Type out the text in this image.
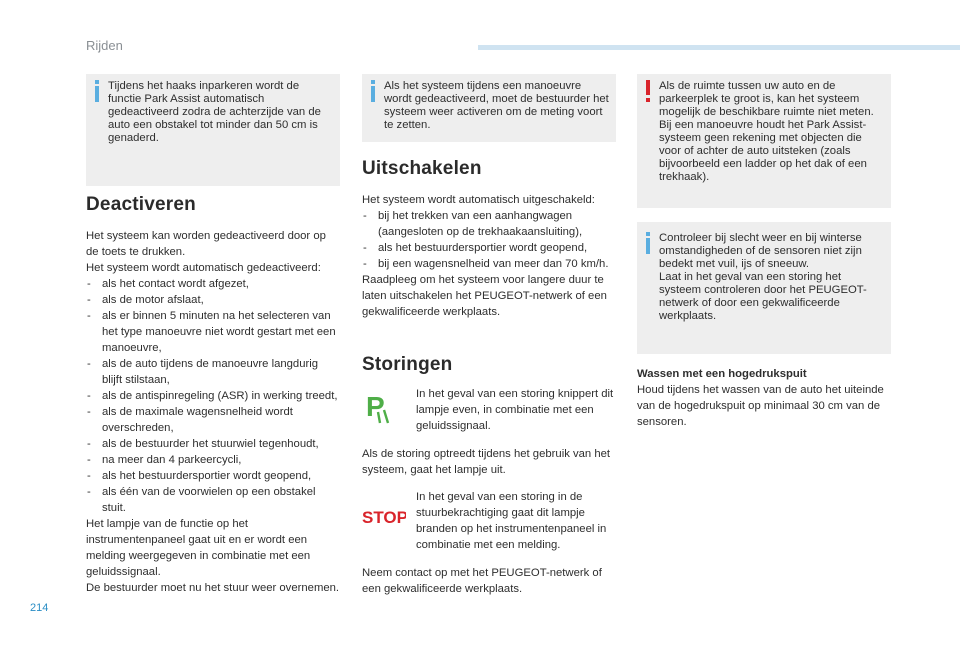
Rijden

Tijdens het haaks inparkeren wordt de functie Park Assist automatisch gedeactiveerd zodra de achterzijde van de auto een obstakel tot minder dan 50 cm is genaderd.

Deactiveren

Het systeem kan worden gedeactiveerd door op de toets te drukken.

Het systeem wordt automatisch gedeactiveerd:

- als het contact wordt afgezet,
- als de motor afslaat,
- als er binnen 5 minuten na het selecteren van het type manoeuvre niet wordt gestart met een manoeuvre,
- als de auto tijdens de manoeuvre langdurig blijft stilstaan,
- als de antispinregeling (ASR) in werking treedt,
- als de maximale wagensnelheid wordt overschreden,
- als de bestuurder het stuurwiel tegenhoudt,
- na meer dan 4 parkeercycli,
- als het bestuurdersportier wordt geopend,
- als één van de voorwielen op een obstakel stuit.

Het lampje van de functie op het instrumentenpaneel gaat uit en er wordt een melding weergegeven in combinatie met een geluidssignaal.

De bestuurder moet nu het stuur weer overnemen.

Als het systeem tijdens een manoeuvre wordt gedeactiveerd, moet de bestuurder het systeem weer activeren om de meting voort te zetten.

Uitschakelen

Het systeem wordt automatisch uitgeschakeld:

- bij het trekken van een aanhangwagen (aangesloten op de trekhaakaansluiting),
- als het bestuurdersportier wordt geopend,
- bij een wagensnelheid van meer dan 70 km/h.

Raadpleeg om het systeem voor langere duur te laten uitschakelen het PEUGEOT-netwerk of een gekwalificeerde werkplaats.

Storingen
P	In het geval van een storing knippert dit lampje even, in combinatie met een geluidssignaal.
Als de storing optreedt tijdens het gebruik van het systeem, gaat het lampje uit.
STOP
In het geval van een storing in de stuurbekrachtiging gaat dit lampje branden op het instrumentenpaneel in combinatie met een melding.
Neem contact op met het PEUGEOT-netwerk of een gekwalificeerde werkplaats.

Als de ruimte tussen uw auto en de parkeerplek te groot is, kan het systeem mogelijk de beschikbare ruimte niet meten. Bij een manoeuvre houdt het Park Assist-systeem geen rekening met objecten die voor of achter de auto uitsteken (zoals bijvoorbeeld een ladder op het dak of een trekhaak).

Controleer bij slecht weer en bij winterse omstandigheden of de sensoren niet zijn bedekt met vuil, ijs of sneeuw.

Laat in het geval van een storing het systeem controleren door het PEUGEOT-netwerk of door een gekwalificeerde werkplaats.

Wassen met een hogedrukspuit

Houd tijdens het wassen van de auto het uiteinde van de hogedrukspuit op minimaal 30 cm van de sensoren.

214
